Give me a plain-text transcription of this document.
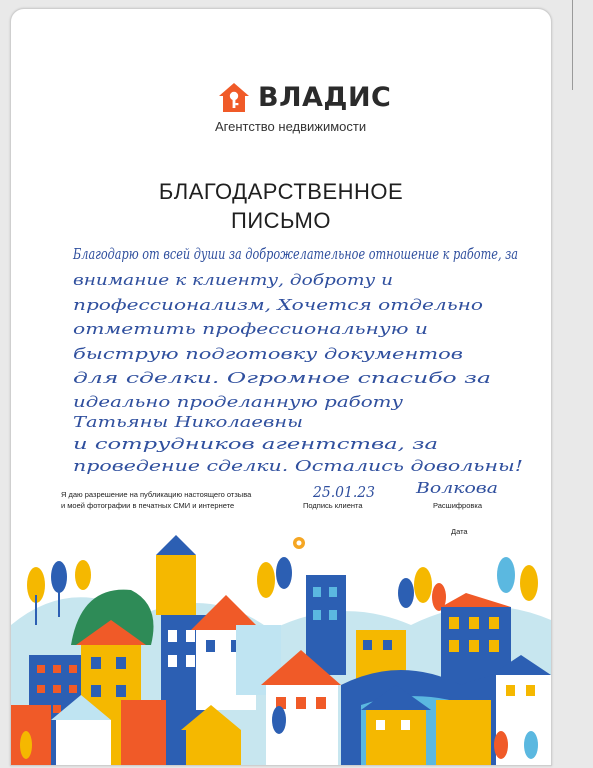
ВЛАДИС
Агентство недвижимости
БЛАГОДАРСТВЕННОЕ
ПИСЬМО
Благодарю от всей души за доброжелательное отношение к работе, за
внимание к клиенту, доброту и
профессионализм, Хочется отдельно
отметить профессиональную и
быструю подготовку документов
для сделки. Огромное спасибо за
идеально проделанную работу
Татьяны Николаевны
и сотрудников агентства, за
проведение сделки. Остались довольны!
25.01.23	Волкова
Я даю разрешение на публикацию настоящего отзыва
и моей фотографии в печатных СМИ и интернете	Подпись клиента	Расшифровка
Дата
